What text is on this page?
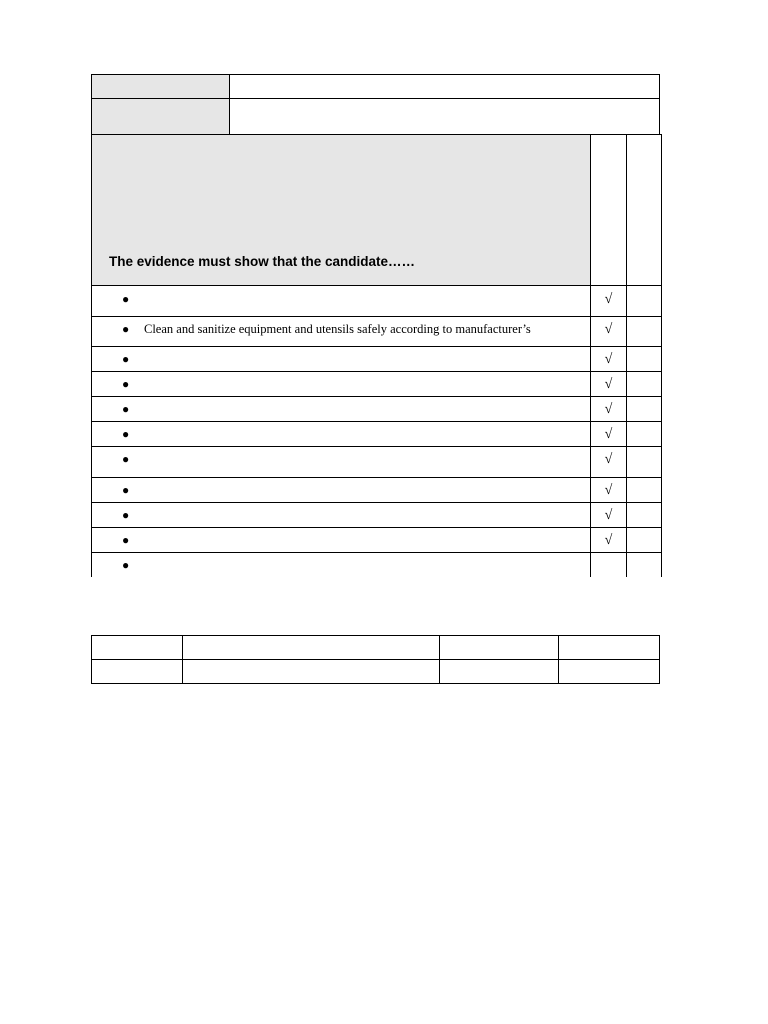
The evidence must show that the candidate……		

●	√	

● Clean and sanitize equipment and utensils safely according to manufacturer’s	√	

●	√	

●	√	

●	√	

●	√	

●	√	

●	√	

●	√	

●	√	

●		
